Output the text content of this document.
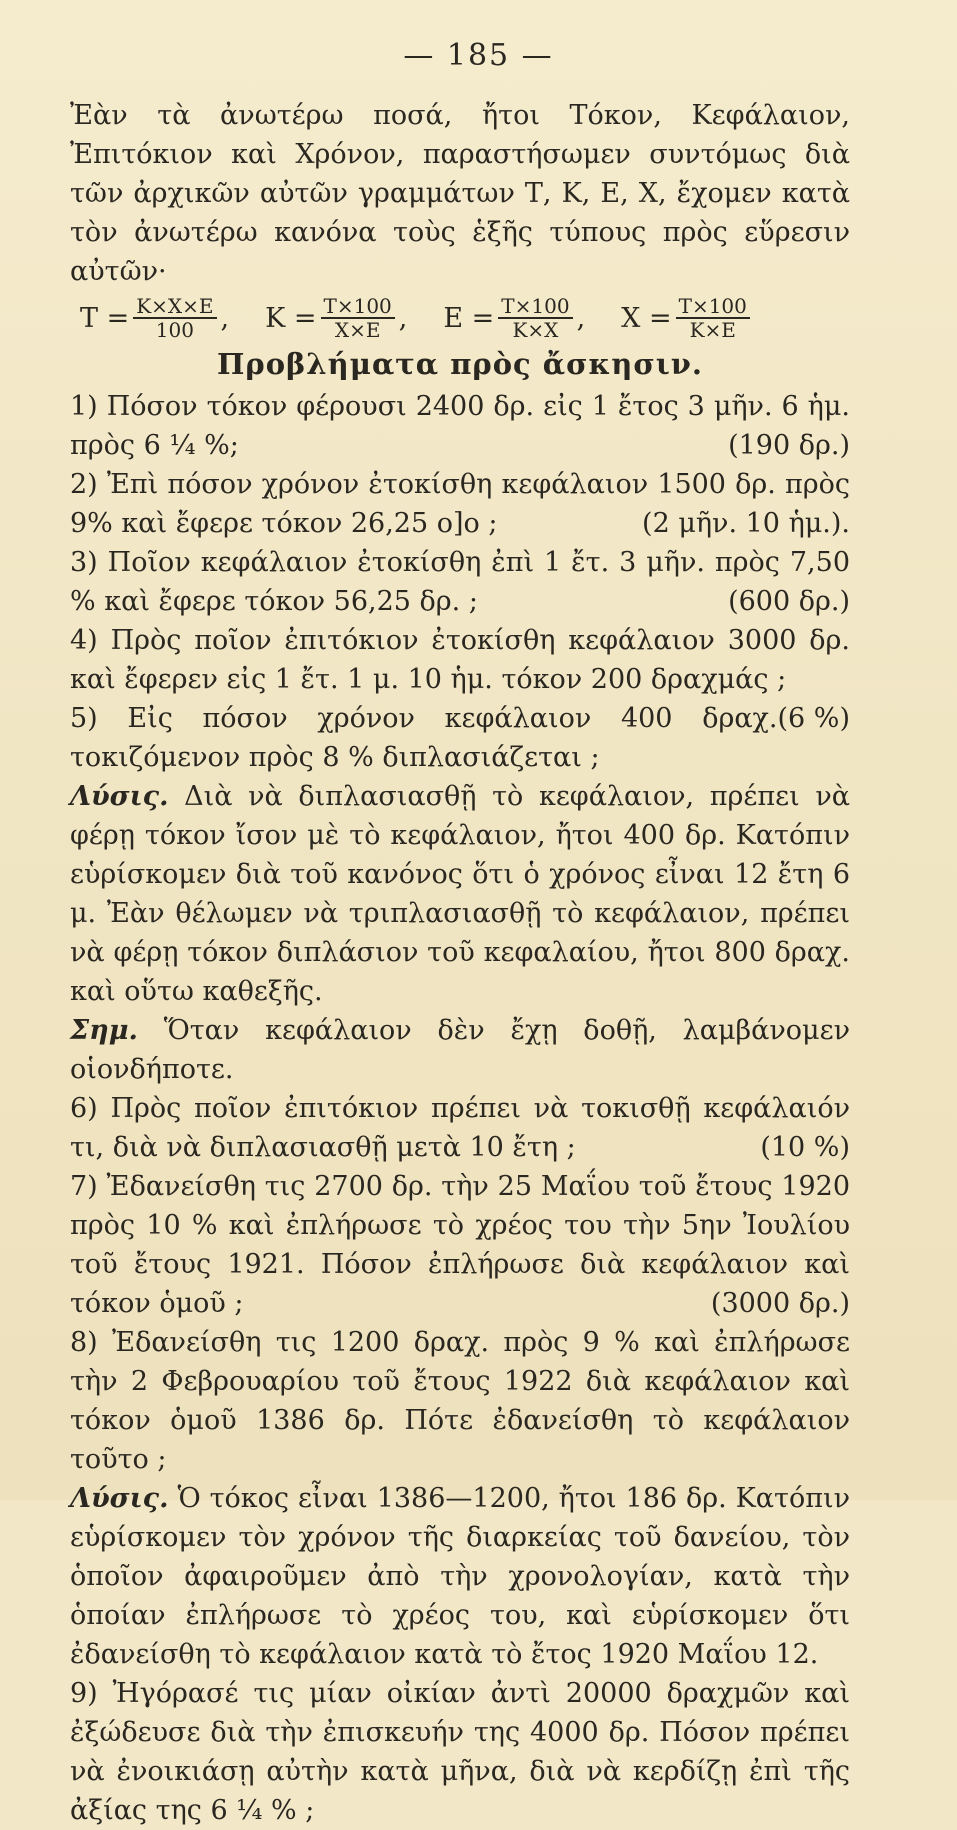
— 185 —

Ἐὰν τὰ ἀνωτέρω ποσά, ἤτοι Τόκον, Κεφάλαιον, Ἐπιτόκιον καὶ Χρόνον, παραστήσωμεν συντόμως διὰ τῶν ἀρχικῶν αὐτῶν γραμμάτων Τ, Κ, Ε, Χ, ἔχομεν κατὰ τὸν ἀνωτέρω κανόνα τοὺς ἑξῆς τύπους πρὸς εὕρεσιν αὐτῶν·

$T = \frac{K\times X\times E}{100}$ , $K = \frac{T\times 100}{X\times E}$ , $E = \frac{T\times 100}{K\times X}$ , $X = \frac{T\times 100}{K\times E}$
Προβλήματα πρὸς ἄσκησιν.

1) Πόσον τόκον φέρουσι 2400 δρ. εἰς 1 ἔτος 3 μῆν. 6 ἡμ. πρὸς 6 ¼ %;	(190 δρ.)

2) Ἐπὶ πόσον χρόνον ἐτοκίσθη κεφάλαιον 1500 δρ. πρὸς 9% καὶ ἔφερε τόκον 26,25 ο]ο ;	(2 μῆν. 10 ἡμ.).

3) Ποῖον κεφάλαιον ἐτοκίσθη ἐπὶ 1 ἔτ. 3 μῆν. πρὸς 7,50 % καὶ ἔφερε τόκον 56,25 δρ. ;	(600 δρ.)

4) Πρὸς ποῖον ἐπιτόκιον ἐτοκίσθη κεφάλαιον 3000 δρ. καὶ ἔφερεν εἰς 1 ἔτ. 1 μ. 10 ἡμ. τόκον 200 δραχμάς ;
(6 %)

5) Εἰς πόσον χρόνον κεφάλαιον 400 δραχ. τοκιζόμενον πρὸς 8 % διπλασιάζεται ;

Λύσις. Διὰ νὰ διπλασιασθῇ τὸ κεφάλαιον, πρέπει νὰ φέρῃ τόκον ἴσον μὲ τὸ κεφάλαιον, ἤτοι 400 δρ. Κατόπιν εὑρίσκομεν διὰ τοῦ κανόνος ὅτι ὁ χρόνος εἶναι 12 ἔτη 6 μ. Ἐὰν θέλωμεν νὰ τριπλασιασθῇ τὸ κεφάλαιον, πρέπει νὰ φέρῃ τόκον διπλάσιον τοῦ κεφαλαίου, ἤτοι 800 δραχ. καὶ οὕτω καθεξῆς.

Σημ. Ὅταν κεφάλαιον δὲν ἔχῃ δοθῇ, λαμβάνομεν οἱονδήποτε.

6) Πρὸς ποῖον ἐπιτόκιον πρέπει νὰ τοκισθῇ κεφάλαιόν τι, διὰ νὰ διπλασιασθῇ μετὰ 10 ἔτη ;	(10 %)

7) Ἐδανείσθη τις 2700 δρ. τὴν 25 Μαΐου τοῦ ἔτους 1920 πρὸς 10 % καὶ ἐπλήρωσε τὸ χρέος του τὴν 5ην Ἰουλίου τοῦ ἔτους 1921. Πόσον ἐπλήρωσε διὰ κεφάλαιον καὶ τόκον ὁμοῦ ;	(3000 δρ.)

8) Ἐδανείσθη τις 1200 δραχ. πρὸς 9 % καὶ ἐπλήρωσε τὴν 2 Φεβρουαρίου τοῦ ἔτους 1922 διὰ κεφάλαιον καὶ τόκον ὁμοῦ 1386 δρ. Πότε ἐδανείσθη τὸ κεφάλαιον τοῦτο ;

Λύσις. Ὁ τόκος εἶναι 1386—1200, ἤτοι 186 δρ. Κατόπιν εὑρίσκομεν τὸν χρόνον τῆς διαρκείας τοῦ δανείου, τὸν ὁποῖον ἀφαιροῦμεν ἀπὸ τὴν χρονολογίαν, κατὰ τὴν ὁποίαν ἐπλήρωσε τὸ χρέος του, καὶ εὑρίσκομεν ὅτι ἐδανείσθη τὸ κεφάλαιον κατὰ τὸ ἔτος 1920 Μαΐου 12.

9) Ἠγόρασέ τις μίαν οἰκίαν ἀντὶ 20000 δραχμῶν καὶ ἐξώδευσε διὰ τὴν ἐπισκευήν της 4000 δρ. Πόσον πρέπει νὰ ἐνοικιάσῃ αὐτὴν κατὰ μῆνα, διὰ νὰ κερδίζῃ ἐπὶ τῆς ἀξίας της 6 ¼ % ;
